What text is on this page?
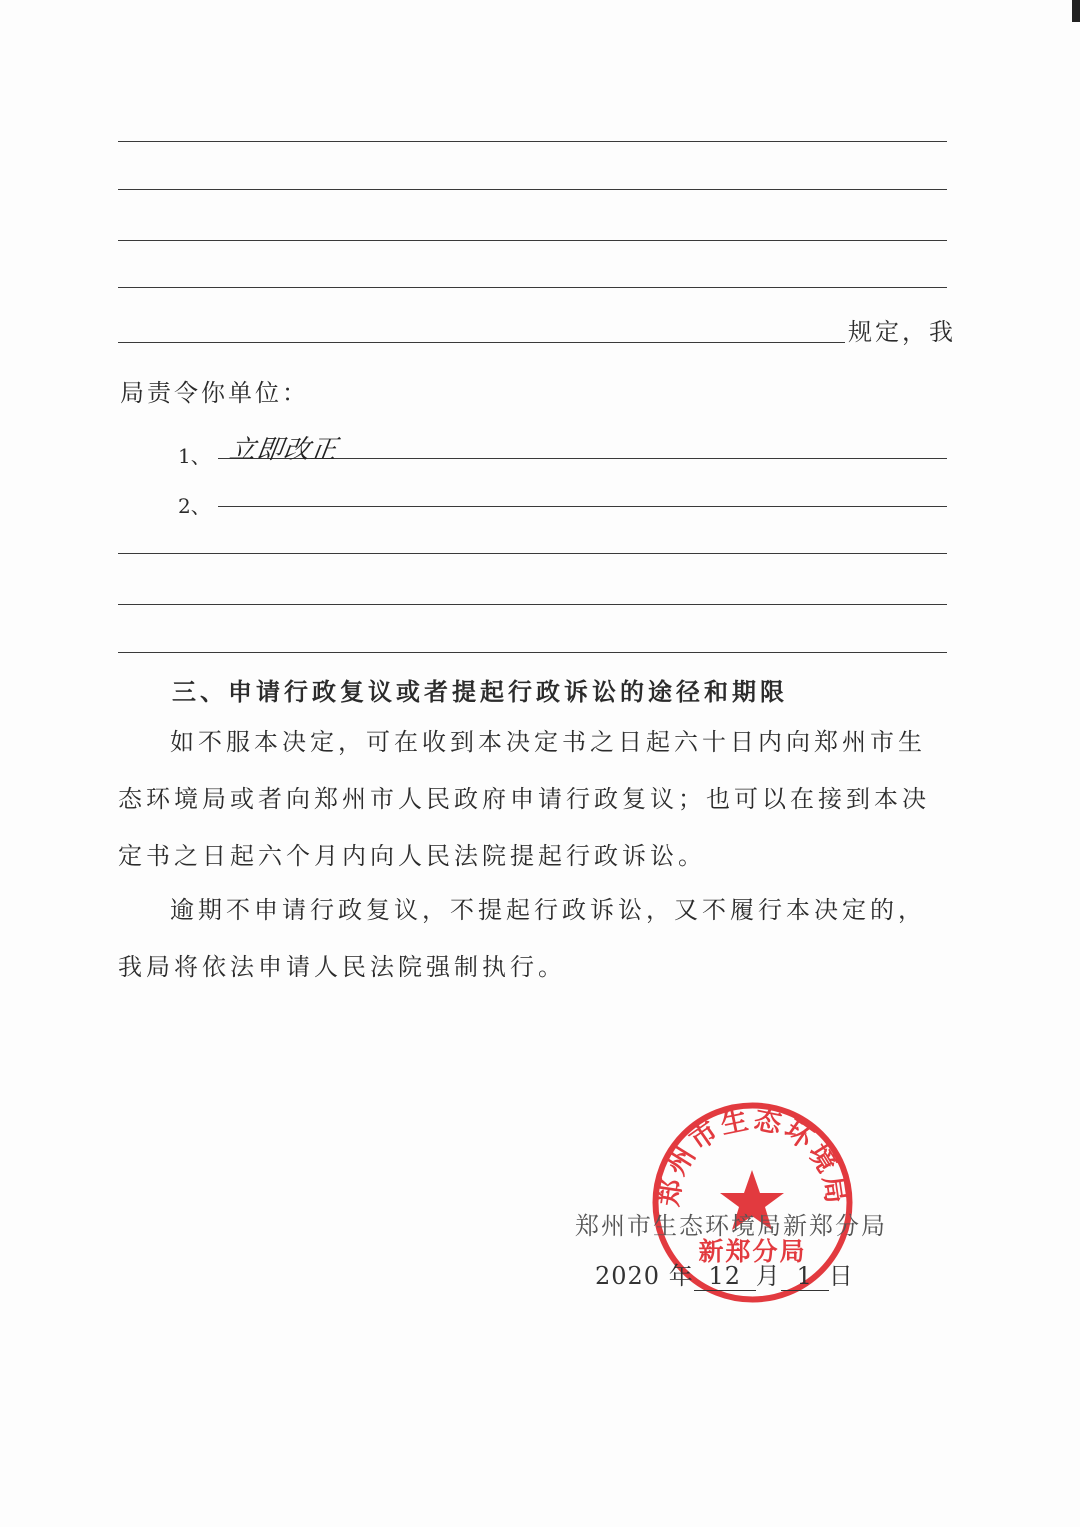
规定，我
局责令你单位：
1、 立即改正
2、
三、申请行政复议或者提起行政诉讼的途径和期限
如不服本决定，可在收到本决定书之日起六十日内向郑州市生态环境局或者向郑州市人民政府申请行政复议；也可以在接到本决定书之日起六个月内向人民法院提起行政诉讼。
逾期不申请行政复议，不提起行政诉讼，又不履行本决定的，我局将依法申请人民法院强制执行。
郑州市生态环境局
新郑分局
郑州市生态环境局新郑分局
2020 年 12 月 1 日
